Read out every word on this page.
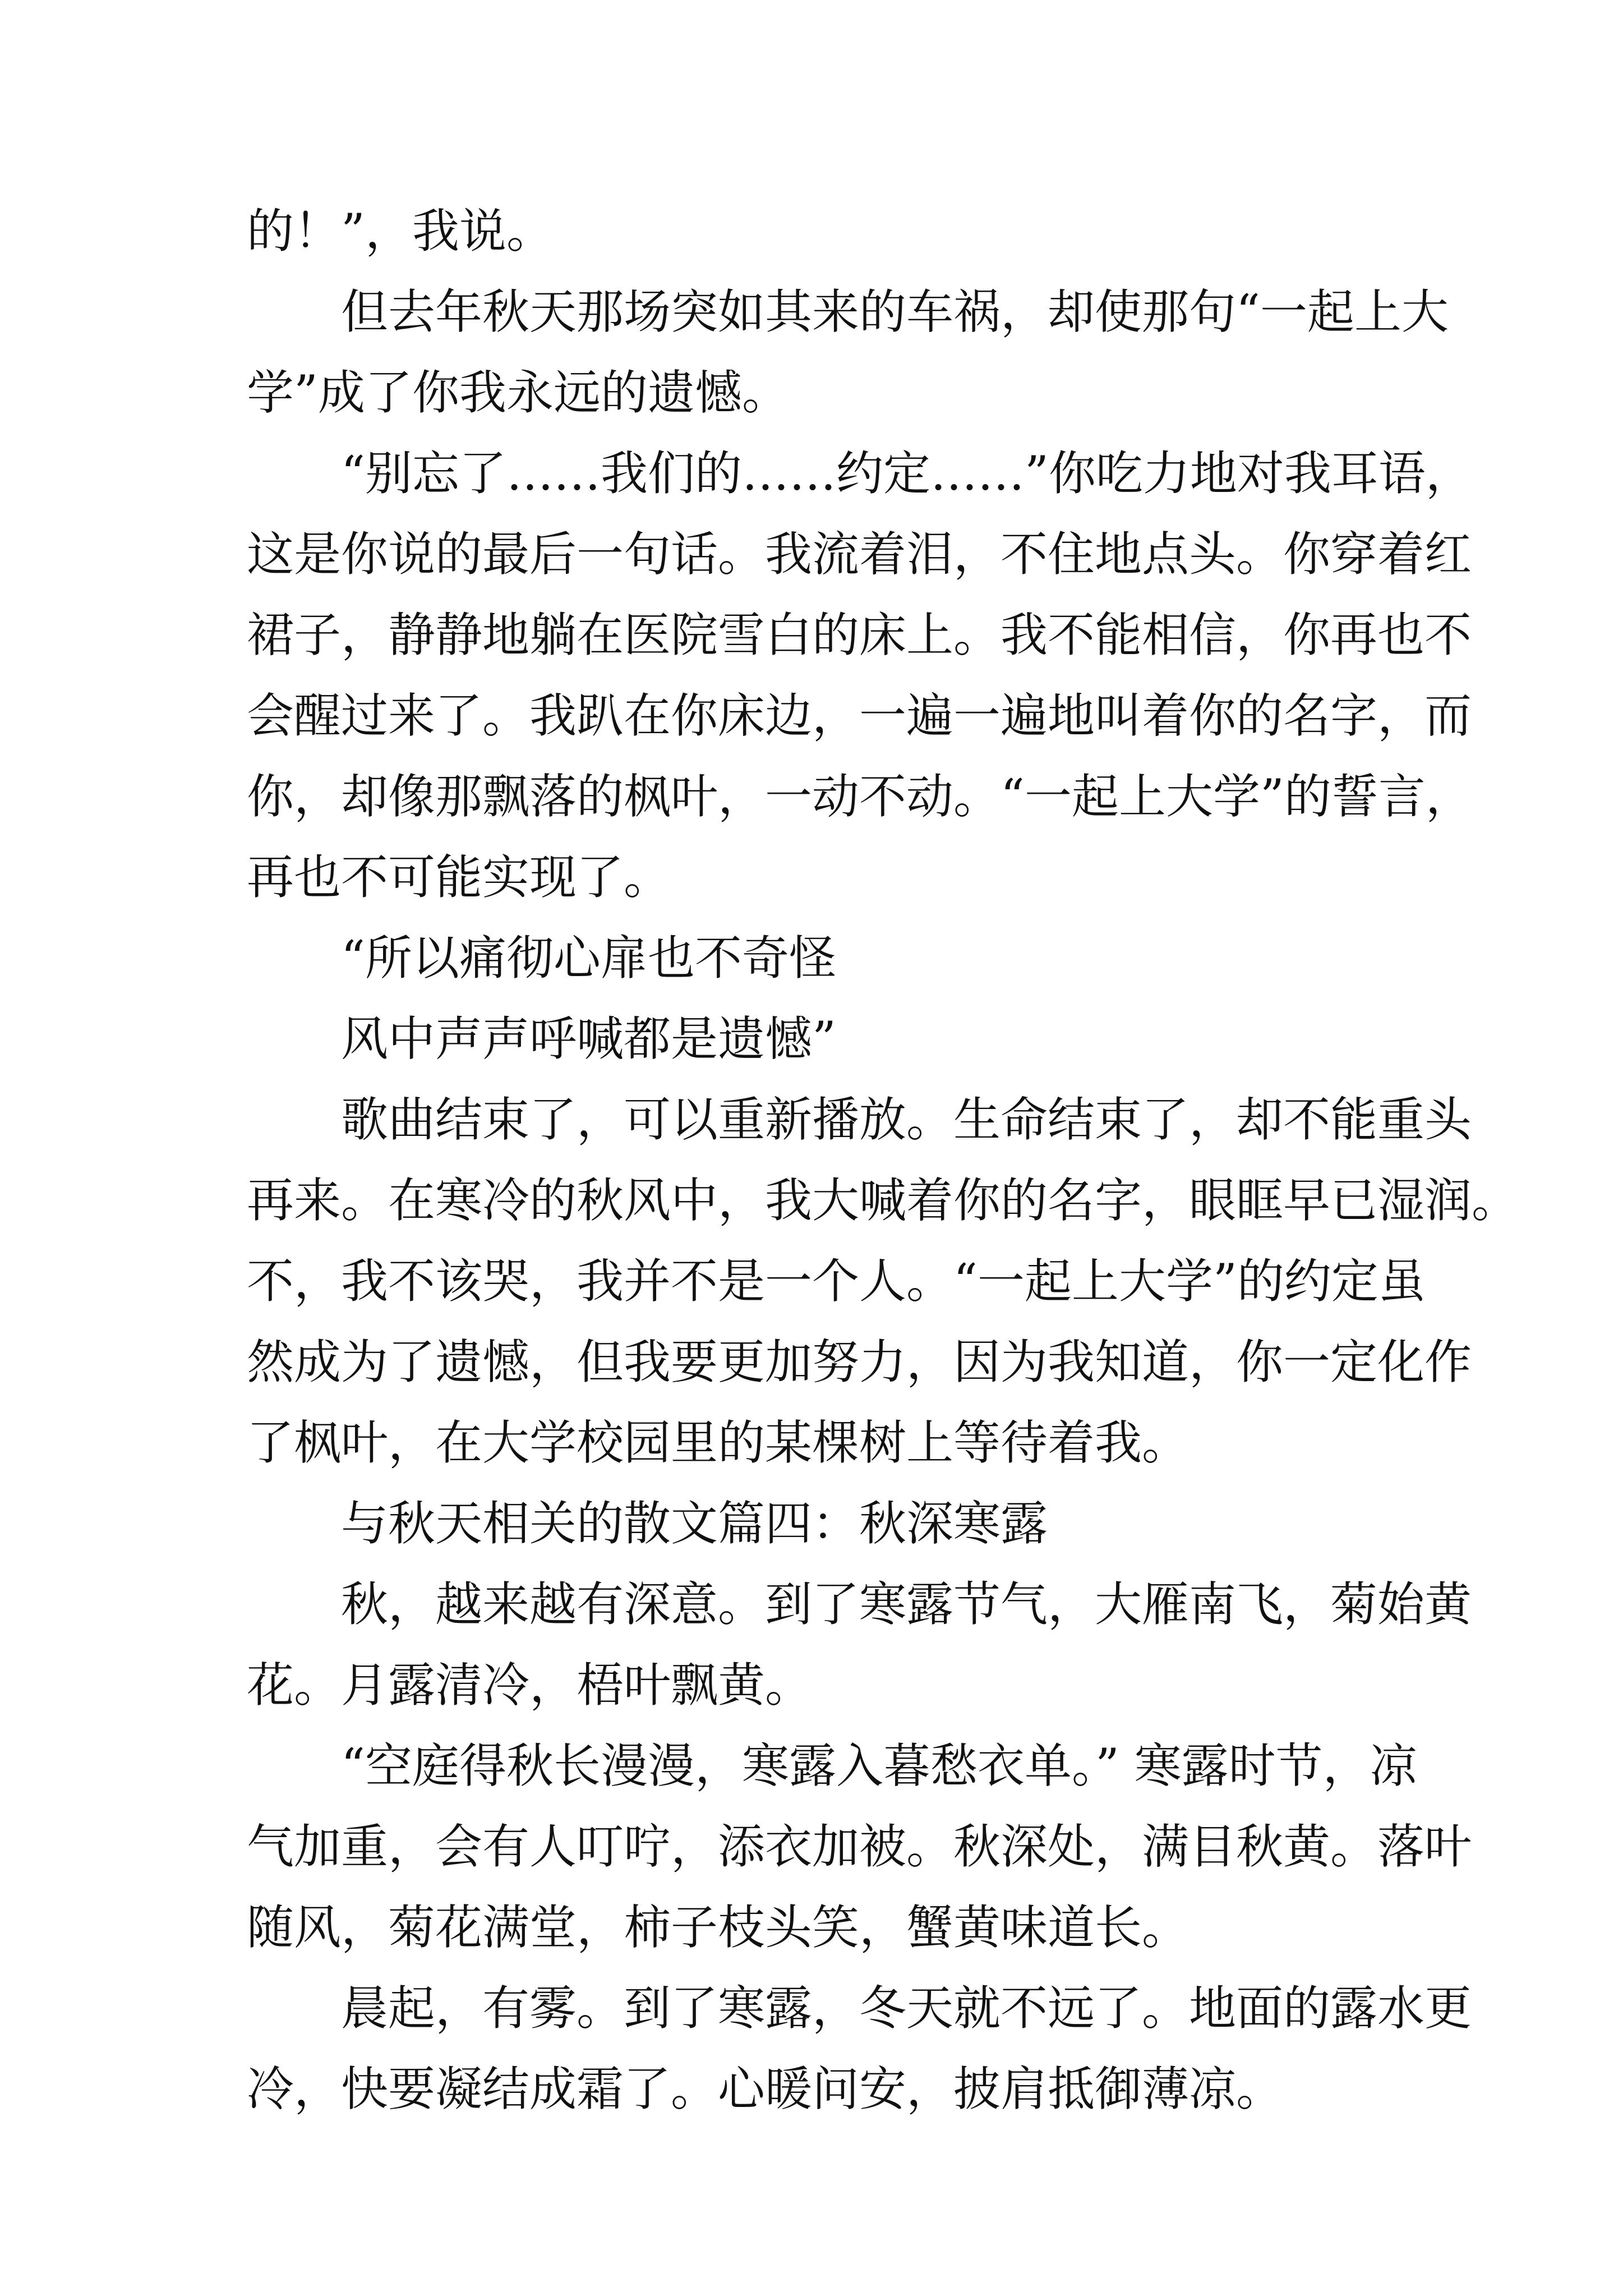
的！”，我说。
但去年秋天那场突如其来的车祸，却使那句“一起上大
学”成了你我永远的遗憾。
“别忘了……我们的……约定……”你吃力地对我耳语，
这是你说的最后一句话。我流着泪，不住地点头。你穿着红
裙子，静静地躺在医院雪白的床上。我不能相信，你再也不
会醒过来了。我趴在你床边，一遍一遍地叫着你的名字，而
你，却像那飘落的枫叶，一动不动。“一起上大学”的誓言，
再也不可能实现了。
“所以痛彻心扉也不奇怪
风中声声呼喊都是遗憾”
歌曲结束了，可以重新播放。生命结束了，却不能重头
再来。在寒冷的秋风中，我大喊着你的名字，眼眶早已湿润。
不，我不该哭，我并不是一个人。“一起上大学”的约定虽
然成为了遗憾，但我要更加努力，因为我知道，你一定化作
了枫叶，在大学校园里的某棵树上等待着我。
与秋天相关的散文篇四：秋深寒露
秋，越来越有深意。到了寒露节气，大雁南飞，菊始黄
花。月露清冷，梧叶飘黄。
“空庭得秋长漫漫，寒露入暮愁衣单。” 寒露时节，凉
气加重，会有人叮咛，添衣加被。秋深处，满目秋黄。落叶
随风，菊花满堂，柿子枝头笑，蟹黄味道长。
晨起，有雾。到了寒露，冬天就不远了。地面的露水更
冷，快要凝结成霜了。心暖问安，披肩抵御薄凉。
